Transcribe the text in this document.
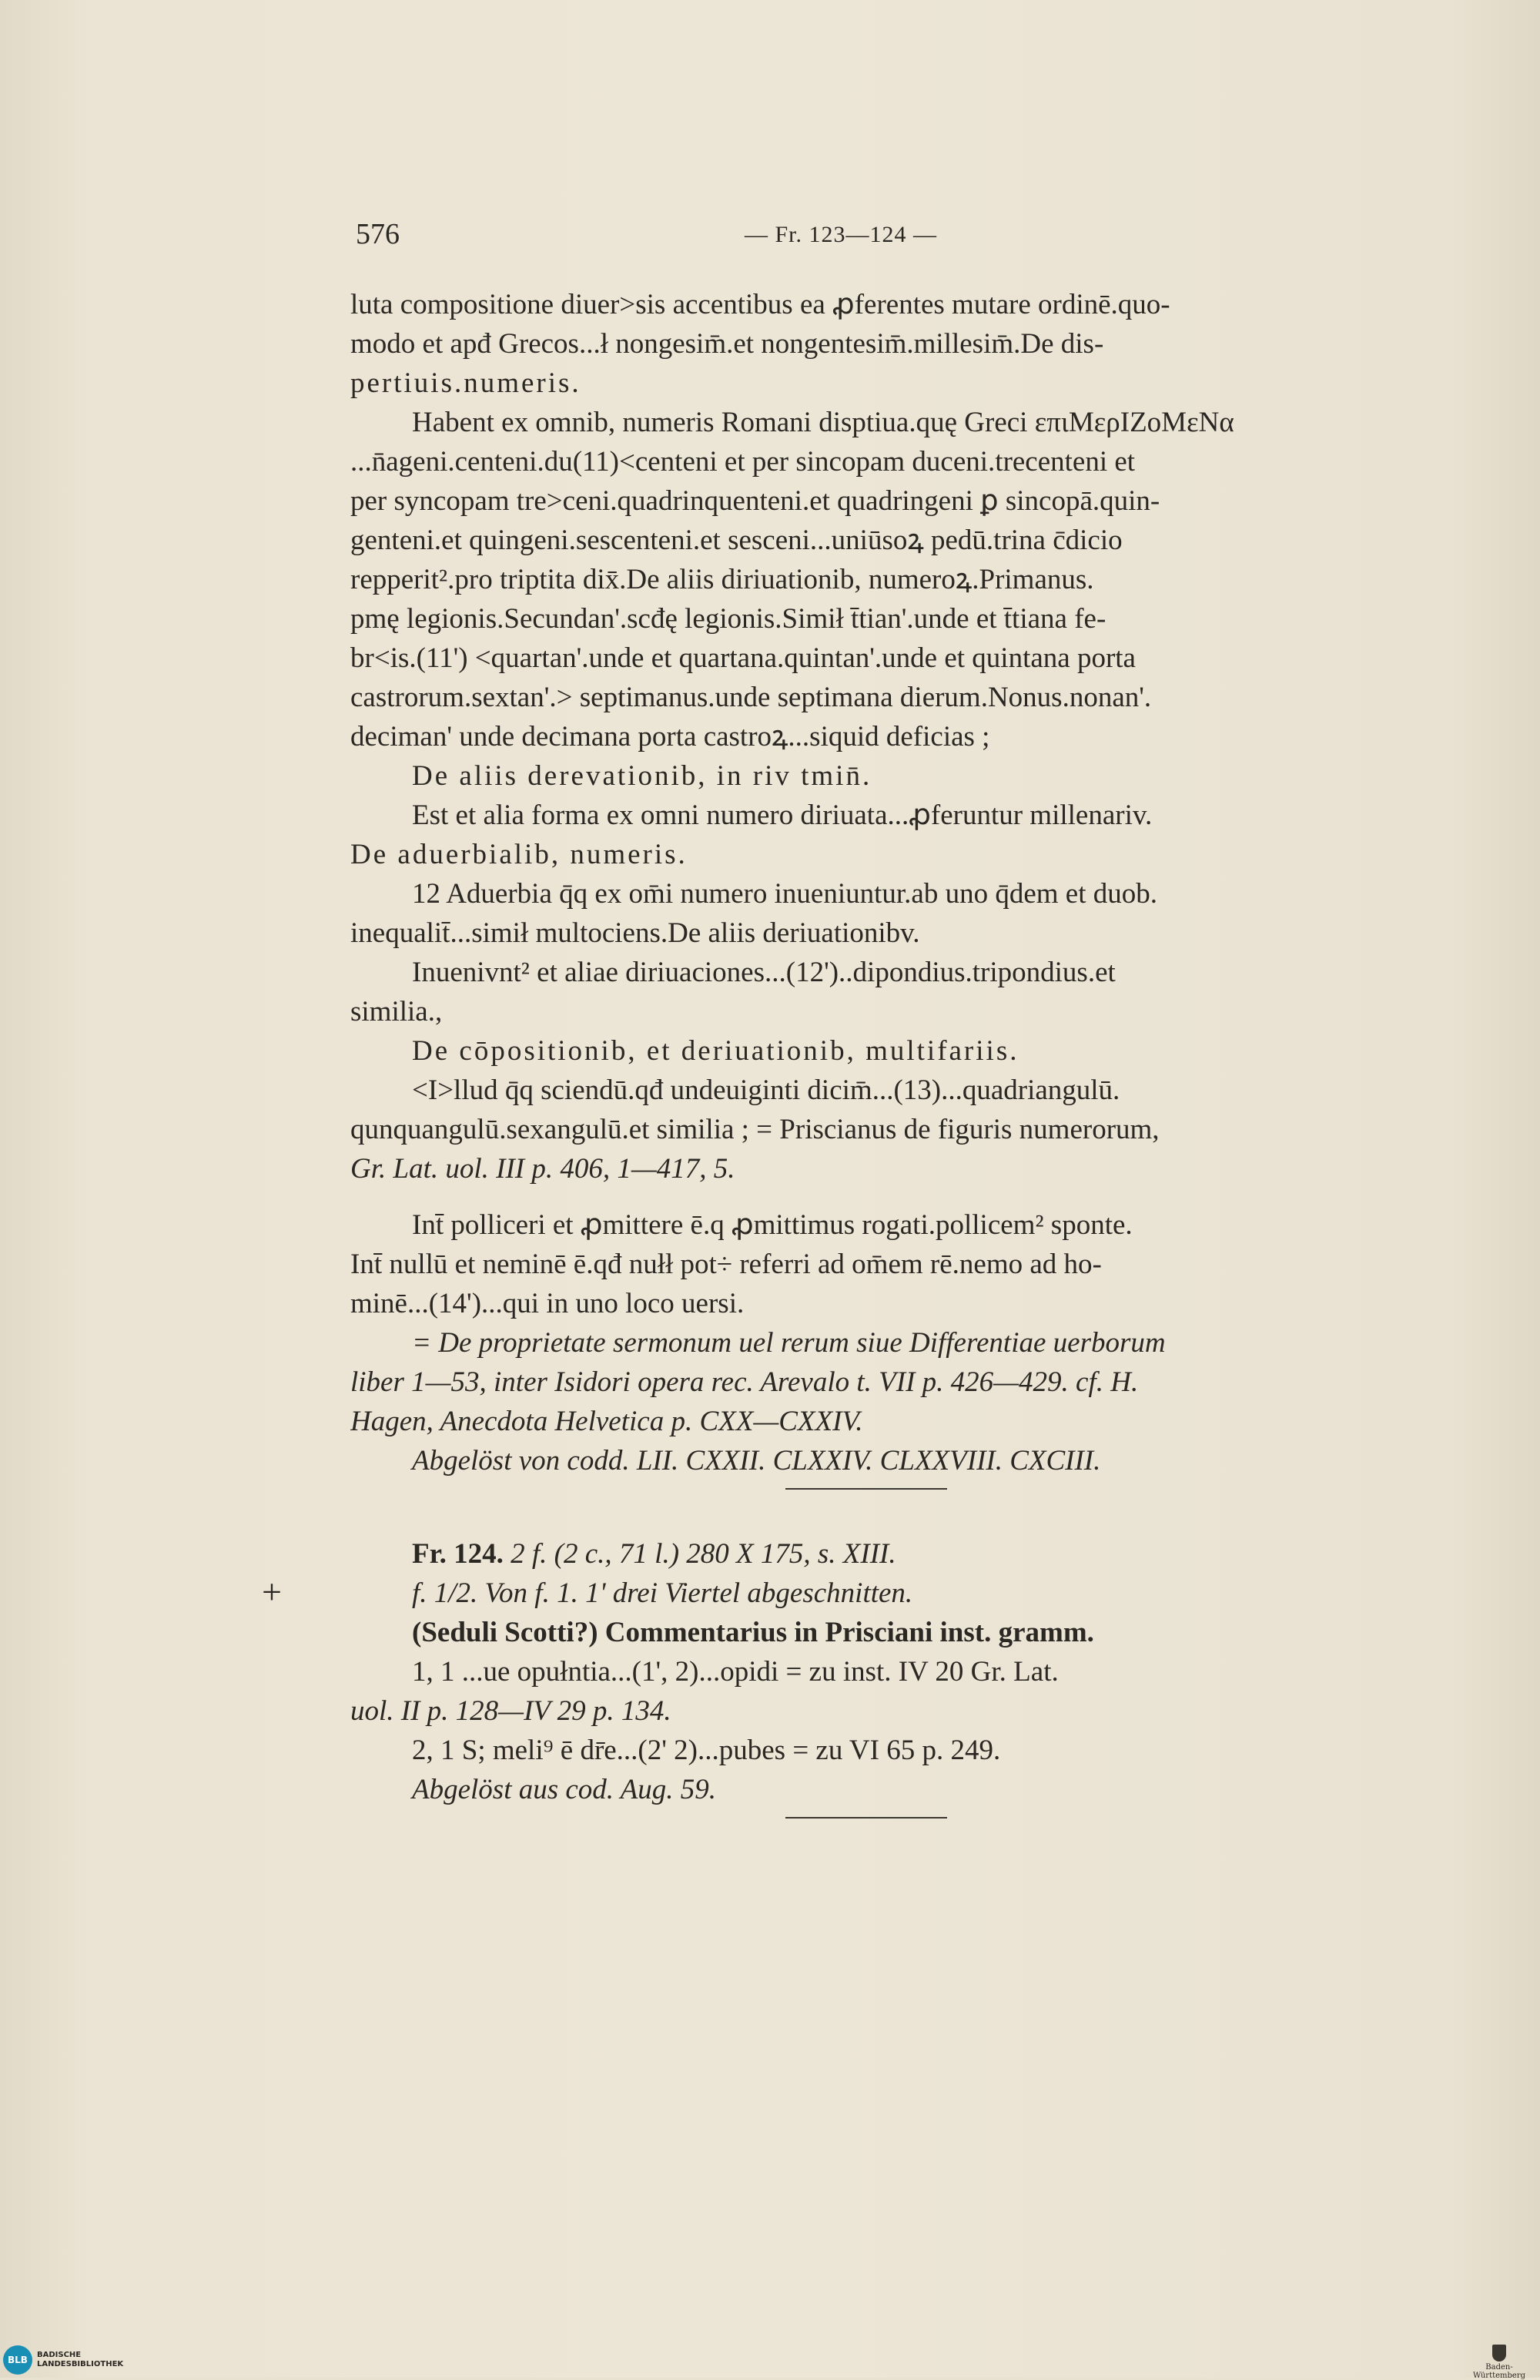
576	— Fr. 123—124 —
luta compositione diuer>sis accentibus ea ꝓferentes mutare ordinē.quo-
modo et apđ Grecos...ł nongesim̄.et nongentesim̄.millesim̄.De dis-
pertiuis.numeris.
Habent ex omnib, numeris Romani disptiua.quę Greci επιΜερΙΖοΜεΝα
...n̄ageni.centeni.du(11)<centeni et per sincopam duceni.trecenteni et
per syncopam tre>ceni.quadrinquenteni.et quadringeni ꝑ sincopā.quin-
genteni.et quingeni.sescenteni.et sesceni...uniūsoꝝ pedū.trina c̄dicio
repperit².pro triptita dix̄.De aliis diriuationib, numeroꝝ.Primanus.
pmę legionis.Secundan'.scđę legionis.Simił t̄tian'.unde et t̄tiana fe-
br<is.(11') <quartan'.unde et quartana.quintan'.unde et quintana porta
castrorum.sextan'.> septimanus.unde septimana dierum.Nonus.nonan'.
deciman' unde decimana porta castroꝝ...siquid deficias ;
De aliis derevationib, in riv tmin̄.
Est et alia forma ex omni numero diriuata...ꝓferuntur millenariv.
De aduerbialib, numeris.
12 Aduerbia q̄q ex om̄i numero inueniuntur.ab uno q̄dem et duob.
inequalit̄...simił multociens.De aliis deriuationibv.
Inuenivnt² et aliae diriuaciones...(12')..dipondius.tripondius.et
similia.,
De cōpositionib, et deriuationib, multifariis.
<I>llud q̄q sciendū.qđ undeuiginti dicim̄...(13)...quadriangulū.
qunquangulū.sexangulū.et similia ; = Priscianus de figuris numerorum,
Gr. Lat. uol. III p. 406, 1—417, 5.
Int̄ polliceri et ꝓmittere ē.q ꝓmittimus rogati.pollicem² sponte.
Int̄ nullū et neminē ē.qđ nułł pot÷ referri ad om̄em rē.nemo ad ho-
minē...(14')...qui in uno loco uersi.
= De proprietate sermonum uel rerum siue Differentiae uerborum
liber 1—53, inter Isidori opera rec. Arevalo t. VII p. 426—429. cf. H.
Hagen, Anecdota Helvetica p. CXX—CXXIV.
Abgelöst von codd. LII. CXXII. CLXXIV. CLXXVIII. CXCIII.
Fr. 124. 2 f. (2 c., 71 l.) 280 X 175, s. XIII.
f. 1/2. Von f. 1. 1' drei Viertel abgeschnitten.
(Seduli Scotti?) Commentarius in Prisciani inst. gramm.
1, 1 ...ue opułntia...(1', 2)...opidi = zu inst. IV 20 Gr. Lat.
uol. II p. 128—IV 29 p. 134.
2, 1 S; meli⁹ ē dr̄e...(2' 2)...pubes = zu VI 65 p. 249.
Abgelöst aus cod. Aug. 59.
+
BLB	BADISCHE
LANDESBIBLIOTHEK	Baden-Württemberg
